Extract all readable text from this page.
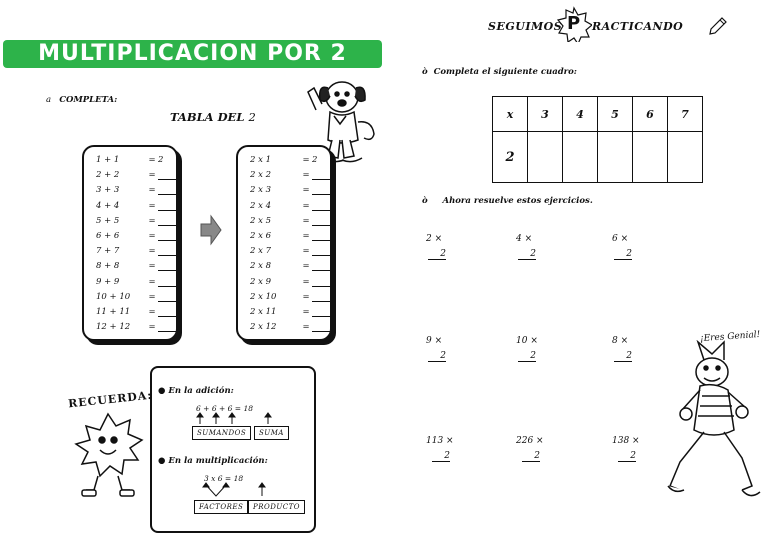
MULTIPLICACION POR 2
a COMPLETA:
TABLA DEL 2
1 + 1	= 2
2 + 2	=
3 + 3	=
4 + 4	=
5 + 5	=
6 + 6	=
7 + 7	=
8 + 8	=
9 + 9	=
10 + 10	=
11 + 11	=
12 + 12	=
2 x 1	= 2
2 x 2	=
2 x 3	=
2 x 4	=
2 x 5	=
2 x 6	=
2 x 7	=
2 x 8	=
2 x 9	=
2 x 10	=
2 x 11	=
2 x 12	=
RECUERDA: ● En la adición:
6 + 6 + 6 = 18
SUMANDOS	SUMA
● En la multiplicación:
3 x 6 = 18
FACTORES	PRODUCTO
SEGUIMOS P RACTICANDO
ò Completa el siguiente cuadro:
x	3	4	5	6	7
2					
ò Ahora resuelve estos ejercicios.
2 ×
2
4 ×
2
6 ×
2
9 ×
2
10 ×
2
8 ×
2
113 ×
2
226 ×
2
138 ×
2
¡Eres Genial!
